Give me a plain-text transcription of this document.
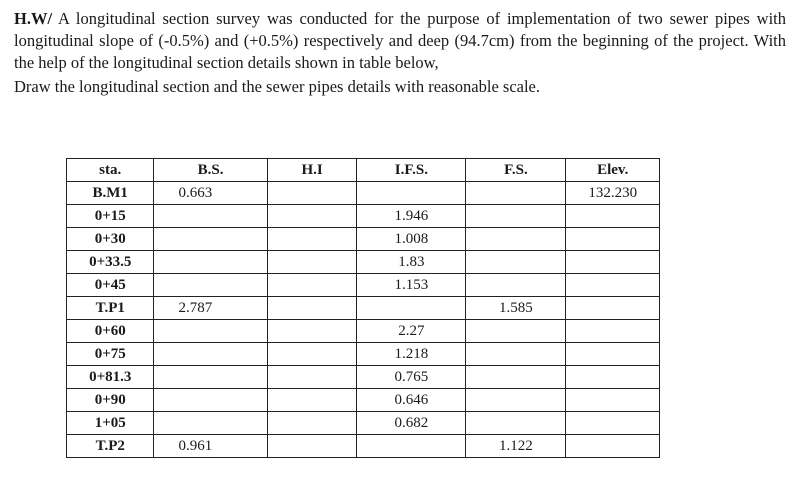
H.W/ A longitudinal section survey was conducted for the purpose of implementation of two sewer pipes with longitudinal slope of (-0.5%) and (+0.5%) respectively and deep (94.7cm) from the beginning of the project. With the help of the longitudinal section details shown in table below,

Draw the longitudinal section and the sewer pipes details with reasonable scale.

sta.	B.S.	H.I	I.F.S.	F.S.	Elev.
B.M1	0.663				132.230
0+15			1.946		
0+30			1.008		
0+33.5			1.83		
0+45			1.153		
T.P1	2.787			1.585	
0+60			2.27		
0+75			1.218		
0+81.3			0.765		
0+90			0.646		
1+05			0.682		
T.P2	0.961			1.122	
